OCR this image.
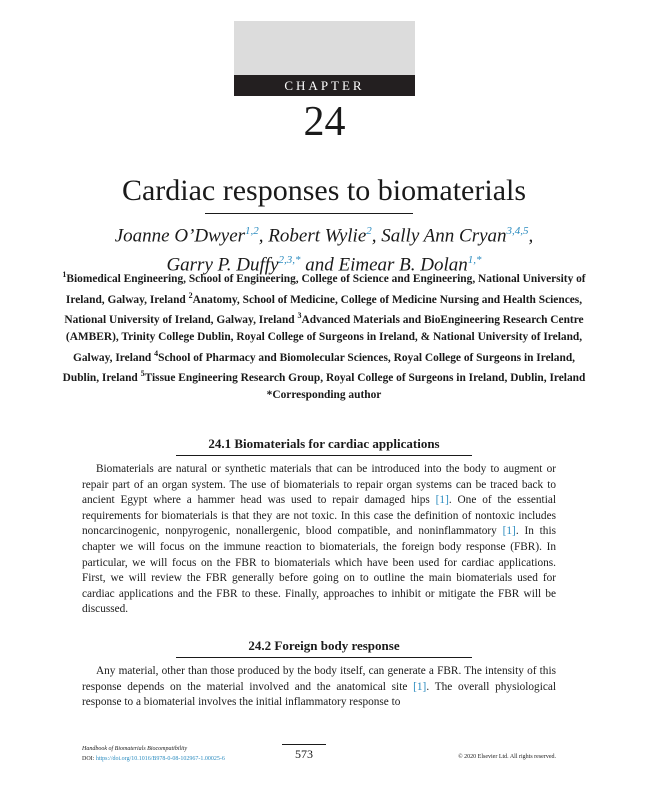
CHAPTER
24
Cardiac responses to biomaterials
Joanne O’Dwyer$^{1,2}$, Robert Wylie$^2$, Sally Ann Cryan$^{3,4,5}$,
Garry P. Duffy$^{2,3,*}$ and Eimear B. Dolan$^{1,*}$
$^1$Biomedical Engineering, School of Engineering, College of Science and Engineering, National University of Ireland, Galway, Ireland $^2$Anatomy, School of Medicine, College of Medicine Nursing and Health Sciences, National University of Ireland, Galway, Ireland $^3$Advanced Materials and BioEngineering Research Centre (AMBER), Trinity College Dublin, Royal College of Surgeons in Ireland, & National University of Ireland, Galway, Ireland $^4$School of Pharmacy and Biomolecular Sciences, Royal College of Surgeons in Ireland, Dublin, Ireland $^5$Tissue Engineering Research Group, Royal College of Surgeons in Ireland, Dublin, Ireland
*Corresponding author
24.1 Biomaterials for cardiac applications

Biomaterials are natural or synthetic materials that can be introduced into the body to augment or repair part of an organ system. The use of biomaterials to repair organ systems can be traced back to ancient Egypt where a hammer head was used to repair damaged hips [1]. One of the essential requirements for biomaterials is that they are not toxic. In this case the definition of nontoxic includes noncarcinogenic, nonpyrogenic, nonallergenic, blood compatible, and noninflammatory [1]. In this chapter we will focus on the immune reaction to biomaterials, the foreign body response (FBR). In particular, we will focus on the FBR to biomaterials which have been used for cardiac applications. First, we will review the FBR generally before going on to outline the main biomaterials used for cardiac applications and the FBR to these. Finally, approaches to inhibit or mitigate the FBR will be discussed.

24.2 Foreign body response

Any material, other than those produced by the body itself, can generate a FBR. The intensity of this response depends on the material involved and the anatomical site [1]. The overall physiological response to a biomaterial involves the initial inflammatory response to

Handbook of Biomaterials Biocompatibility
DOI: https://doi.org/10.1016/B978-0-08-102967-1.00025-6	573	© 2020 Elsevier Ltd. All rights reserved.
